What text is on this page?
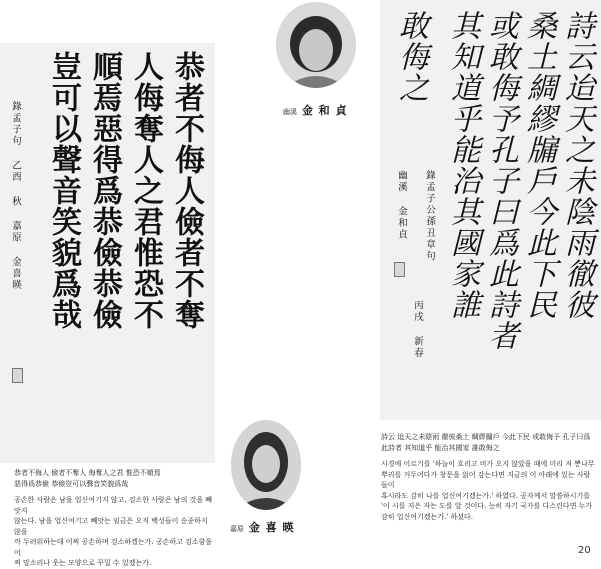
恭者不侮人儉者不奪
人侮奪人之君惟恐不
順焉惡得爲恭儉恭儉
豈可以聲音笑貌爲哉
錄孟子句 乙酉 秋 嘉原 金喜暎	詩云迨天之未陰雨徹彼
桑土綢繆牖戶今此下民
或敢侮予孔子曰爲此詩者
其知道乎能治其國家誰
敢侮之
錄孟子公孫丑章句
丙戌 新春
幽溪 金和貞
幽溪 金 和 貞
嘉原 金 喜 暎

恭者不侮人 儉者不奪人 侮奪人之君 惟恐不順焉

惡得爲恭儉 恭儉豈可以聲音笑貌爲哉

공손한 사람은 남을 업신여기지 않고, 검소한 사람은 남의 것을 빼앗지

않는다. 남을 업신여기고 빼앗는 임금은 오직 백성들이 순종하지 않을

까 두려워하는데 어찌 공손하며 검소하겠는가. 공손하고 검소함을 어

찌 말소리나 웃는 모양으로 꾸밀 수 있겠는가.

詩云 迨天之未陰雨 徹彼桑土 綢繆牖戶 今此下民 或敢侮予 孔子曰爲

此詩者 其知道乎 能治其國家 誰敢侮之

시경에 이르기를 '하늘이 흐리고 비가 오지 않았을 때에 미리 저 뽕나무

뿌리를 거두어다가 창문을 얽어 감는다면 지금의 이 아래에 있는 사람들이

혹시라도 감히 나를 업신여기겠는가.' 하였다. 공자께서 말씀하시기를

'이 시를 지은 자는 도를 알 것이다. 능히 자기 국가를 다스린다면 누가

감히 업신여기겠는가.' 하셨다.

20
